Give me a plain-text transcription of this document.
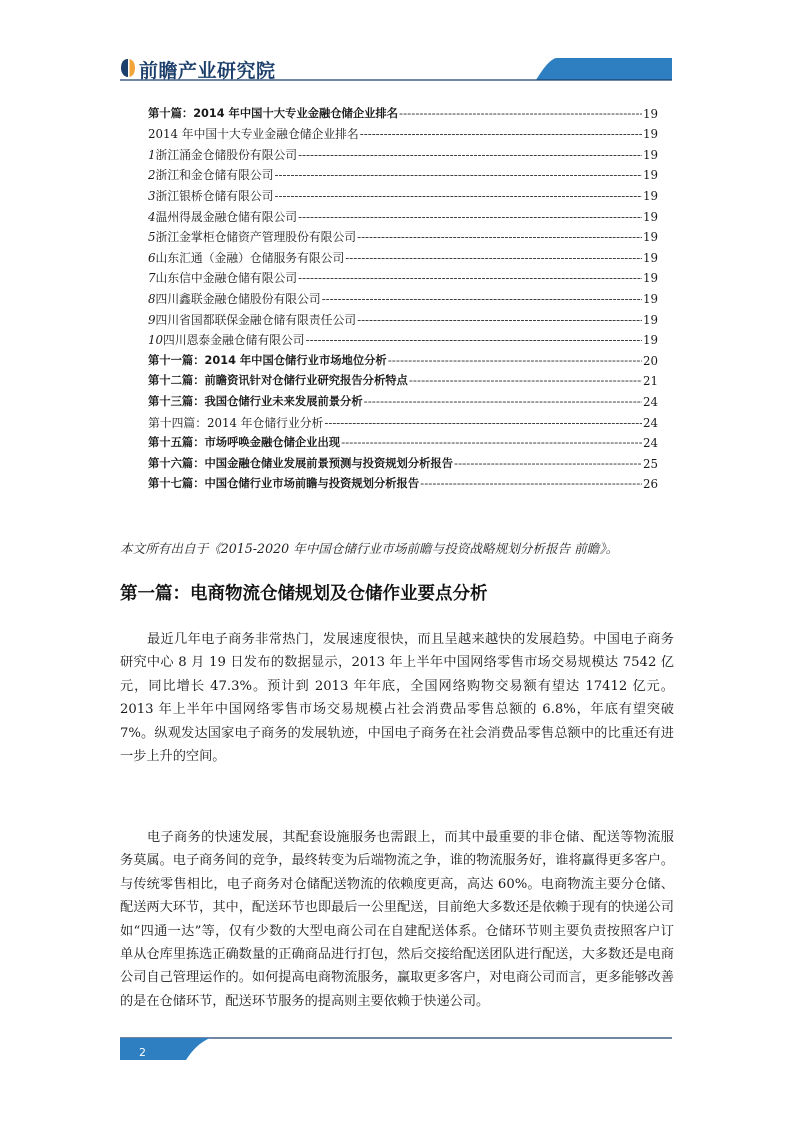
前瞻产业研究院
第十篇：2014 年中国十大专业金融仓储企业排名 -----	19
2014 年中国十大专业金融仓储企业排名 -----	19
1 浙江涌金仓储股份有限公司 -----	19
2 浙江和金仓储有限公司 -----	19
3 浙江银桥仓储有限公司 -----	19
4 温州得晟金融仓储有限公司 -----	19
5 浙江金掌柜仓储资产管理股份有限公司 -----	19
6 山东汇通（金融）仓储服务有限公司 -----	19
7 山东信中金融仓储有限公司 -----	19
8 四川鑫联金融仓储股份有限公司 -----	19
9 四川省国都联保金融仓储有限责任公司 -----	19
10 四川恩泰金融仓储有限公司 -----	19
第十一篇：2014 年中国仓储行业市场地位分析 -----	20
第十二篇：前瞻资讯针对仓储行业研究报告分析特点 -----	21
第十三篇：我国仓储行业未来发展前景分析 -----	24
第十四篇：2014 年仓储行业分析 -----	24
第十五篇：市场呼唤金融仓储企业出现 -----	24
第十六篇：中国金融仓储业发展前景预测与投资规划分析报告 -----	25
第十七篇：中国仓储行业市场前瞻与投资规划分析报告 -----	26
本文所有出自于《2015-2020 年中国仓储行业市场前瞻与投资战略规划分析报告 前瞻》。
第一篇：电商物流仓储规划及仓储作业要点分析

最近几年电子商务非常热门，发展速度很快，而且呈越来越快的发展趋势。中国电子商务研究中心 8 月 19 日发布的数据显示，2013 年上半年中国网络零售市场交易规模达 7542 亿元，同比增长 47.3%。预计到 2013 年年底，全国网络购物交易额有望达 17412 亿元。2013 年上半年中国网络零售市场交易规模占社会消费品零售总额的 6.8%，年底有望突破 7%。纵观发达国家电子商务的发展轨迹，中国电子商务在社会消费品零售总额中的比重还有进一步上升的空间。

电子商务的快速发展，其配套设施服务也需跟上，而其中最重要的非仓储、配送等物流服务莫属。电子商务间的竞争，最终转变为后端物流之争，谁的物流服务好，谁将赢得更多客户。与传统零售相比，电子商务对仓储配送物流的依赖度更高，高达 60%。电商物流主要分仓储、配送两大环节，其中，配送环节也即最后一公里配送，目前绝大多数还是依赖于现有的快递公司如“四通一达”等，仅有少数的大型电商公司在自建配送体系。仓储环节则主要负责按照客户订单从仓库里拣选正确数量的正确商品进行打包，然后交接给配送团队进行配送，大多数还是电商公司自己管理运作的。如何提高电商物流服务，赢取更多客户，对电商公司而言，更多能够改善的是在仓储环节，配送环节服务的提高则主要依赖于快递公司。

2
